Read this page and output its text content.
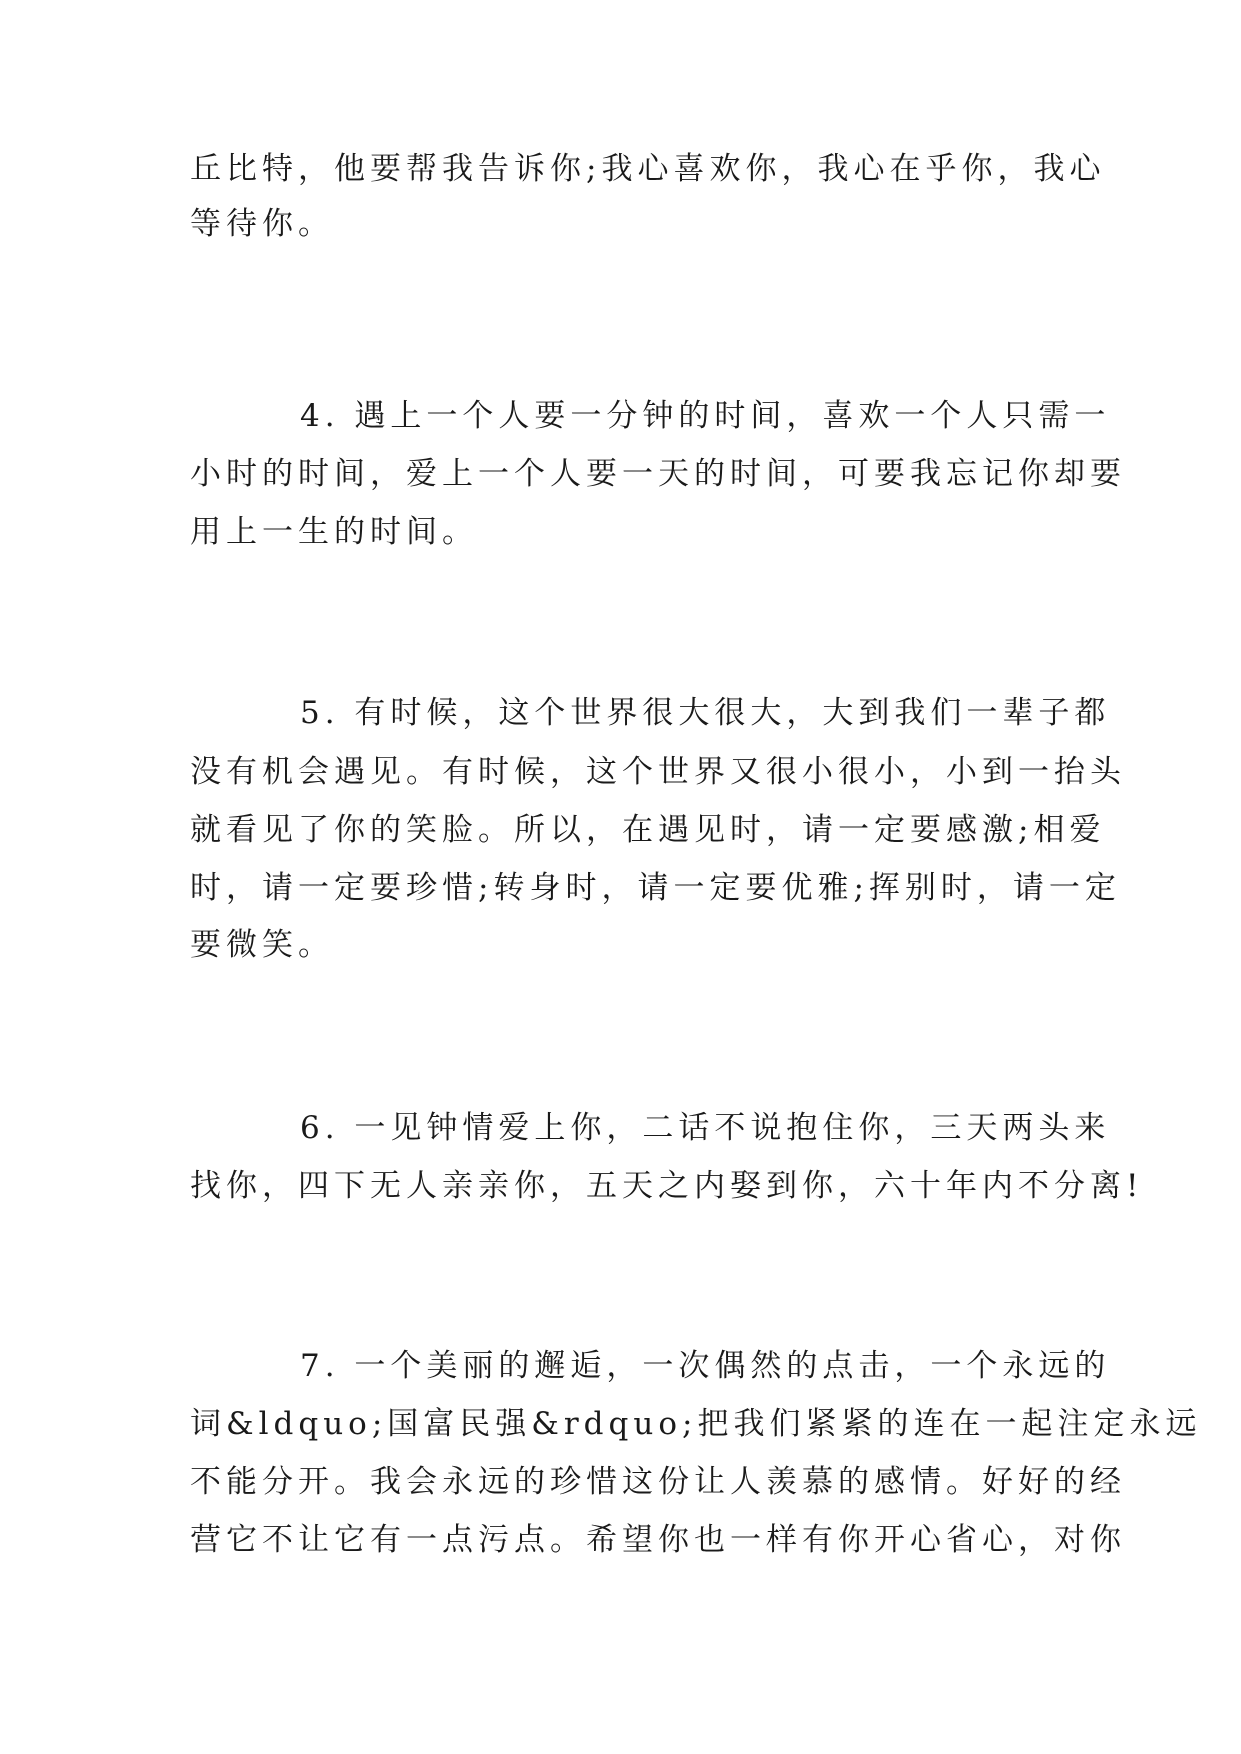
丘比特，他要帮我告诉你;我心喜欢你，我心在乎你，我心
等待你。
4. 遇上一个人要一分钟的时间，喜欢一个人只需一
小时的时间，爱上一个人要一天的时间，可要我忘记你却要
用上一生的时间。
5. 有时候，这个世界很大很大，大到我们一辈子都
没有机会遇见。有时候，这个世界又很小很小，小到一抬头
就看见了你的笑脸。所以，在遇见时，请一定要感激;相爱
时，请一定要珍惜;转身时，请一定要优雅;挥别时，请一定
要微笑。
6. 一见钟情爱上你，二话不说抱住你，三天两头来
找你，四下无人亲亲你，五天之内娶到你，六十年内不分离!
7. 一个美丽的邂逅，一次偶然的点击，一个永远的
词&ldquo;国富民强&rdquo;把我们紧紧的连在一起注定永远
不能分开。我会永远的珍惜这份让人羡慕的感情。好好的经
营它不让它有一点污点。希望你也一样有你开心省心，对你
